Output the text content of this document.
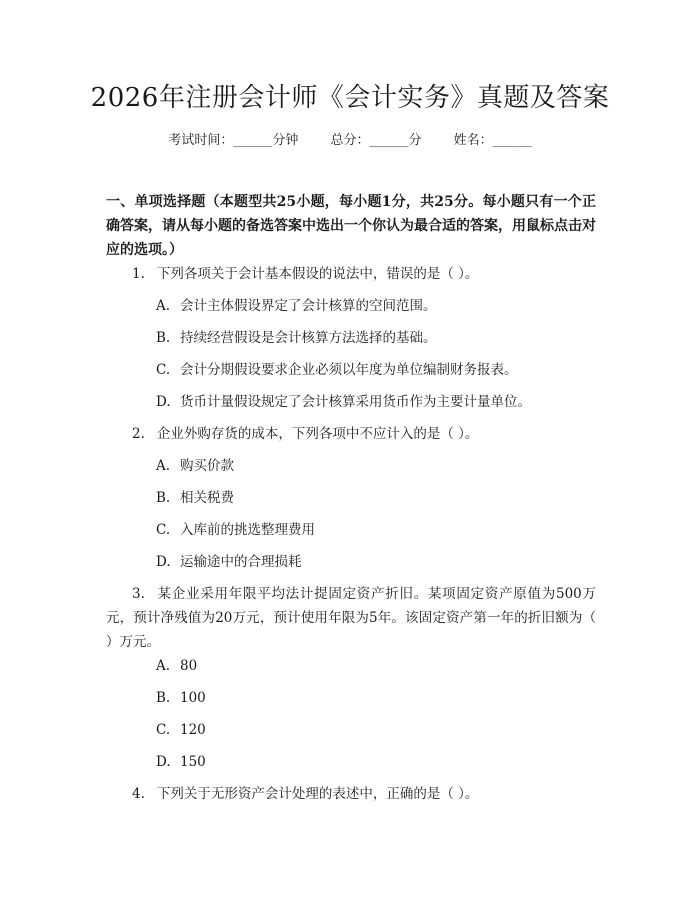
2026年注册会计师《会计实务》真题及答案
考试时间：______分钟 总分：______分 姓名：______
一、单项选择题（本题型共25小题，每小题1分，共25分。每小题只有一个正确答案，请从每小题的备选答案中选出一个你认为最合适的答案，用鼠标点击对应的选项。）
1. 下列各项关于会计基本假设的说法中，错误的是（ ）。
A. 会计主体假设界定了会计核算的空间范围。
B. 持续经营假设是会计核算方法选择的基础。
C. 会计分期假设要求企业必须以年度为单位编制财务报表。
D. 货币计量假设规定了会计核算采用货币作为主要计量单位。
2. 企业外购存货的成本，下列各项中不应计入的是（ ）。
A. 购买价款
B. 相关税费
C. 入库前的挑选整理费用
D. 运输途中的合理损耗
3. 某企业采用年限平均法计提固定资产折旧。某项固定资产原值为500万元，预计净残值为20万元，预计使用年限为5年。该固定资产第一年的折旧额为（ ）万元。
A. 80
B. 100
C. 120
D. 150
4. 下列关于无形资产会计处理的表述中，正确的是（ ）。
